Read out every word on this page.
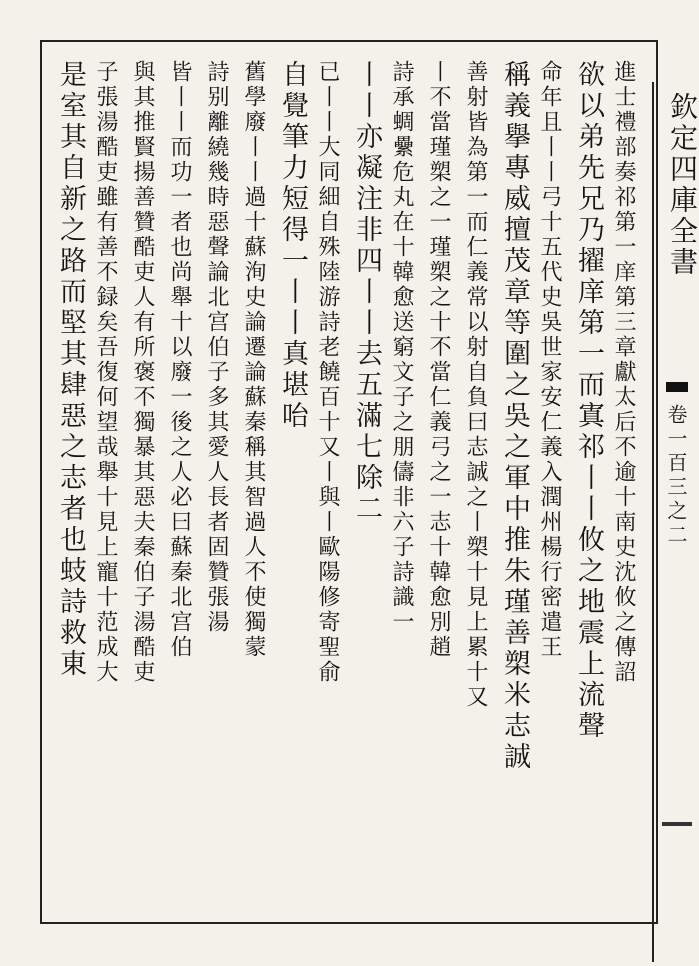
欽定四庫全書
卷一百三之二
進士禮部奏祁第一庠第三章獻太后不逾十南史沈攸之傳詔
欲以弟先兄乃擢庠第一而寘祁丨丨攸之地震上流聲
命年且丨丨弓十五代史吳世家安仁義入潤州楊行密遣王
稱義擧專威擅茂章等圍之吳之軍中推朱瑾善槊米志誠
善射皆為第一而仁義常以射自負曰志誠之丨槊十見上累十又
丨不當瑾槊之一瑾槊之十不當仁義弓之一志十韓愈別趙
詩承蜩纍危丸在十韓愈送窮文子之朋儔非六子詩識一
丨丨亦凝注非四丨丨去五滿七除二
已丨丨大同細自殊陸游詩老饒百十又丨與丨歐陽修寄聖俞
自覺筆力短得一丨丨真堪咍
舊學廢丨丨過十蘇洵史論遷論蘇秦稱其智過人不使獨蒙
詩别離繞幾時惡聲論北宫伯子多其愛人長者固贊張湯
皆丨丨而功一者也尚舉十以廢一後之人必曰蘇秦北宫伯
與其推賢揚善贊酷吏人有所褒不獨暴其惡夫秦伯子湯酷吏
子張湯酷吏雖有善不録矣吾復何望哉舉十見上寵十范成大
是室其自新之路而堅其肆惡之志者也蚑詩救東
